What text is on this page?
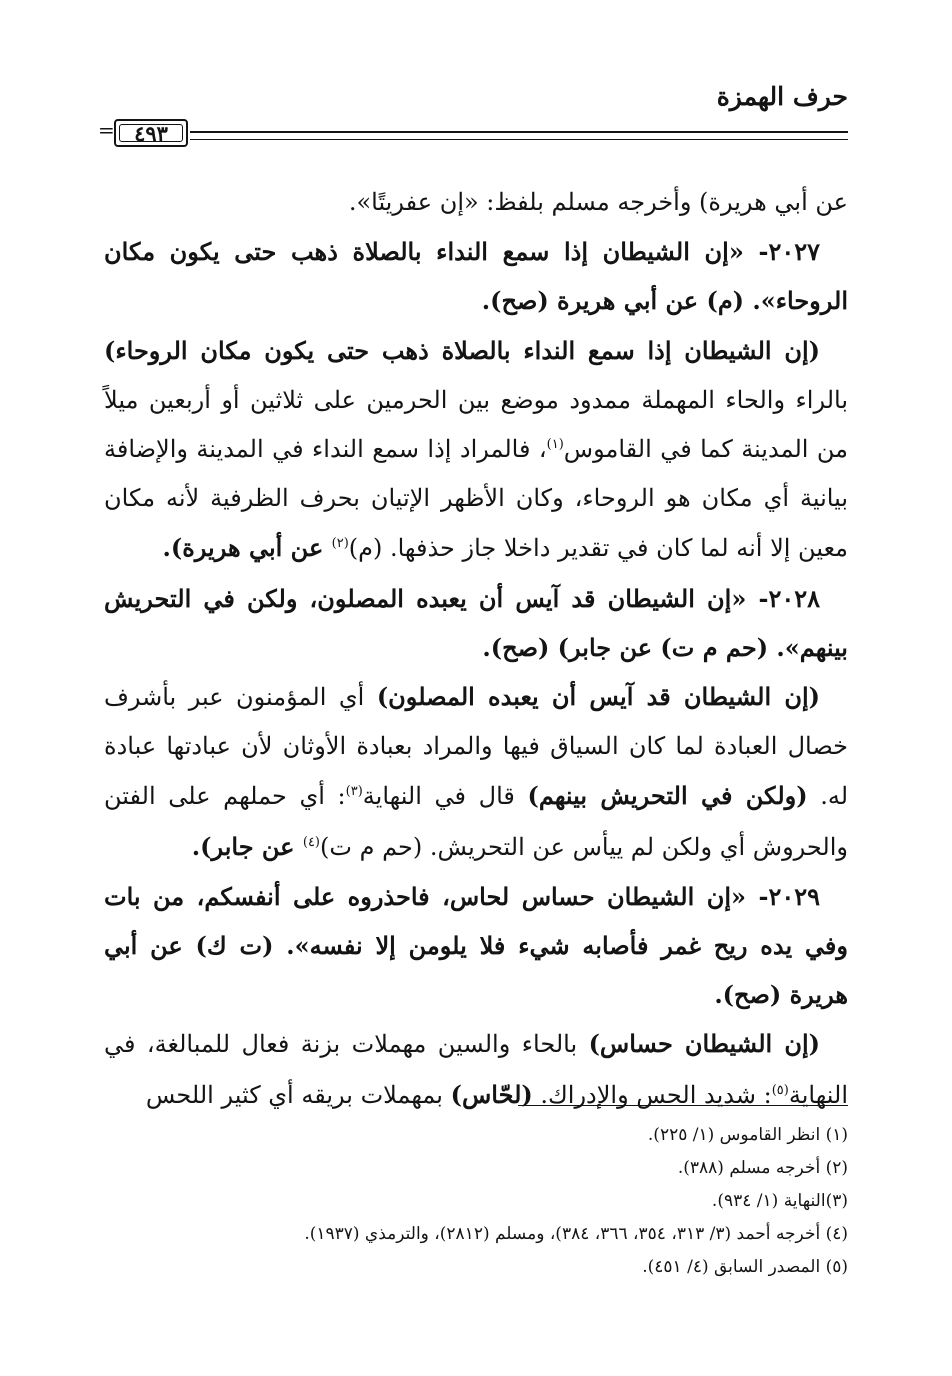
حرف الهمزة
٤٩٣
=

عن أبي هريرة) وأخرجه مسلم بلفظ: «إن عفريتًا».

٢٠٢٧- «إن الشيطان إذا سمع النداء بالصلاة ذهب حتى يكون مكان الروحاء». (م) عن أبي هريرة (صح).

(إن الشيطان إذا سمع النداء بالصلاة ذهب حتى يكون مكان الروحاء) بالراء والحاء المهملة ممدود موضع بين الحرمين على ثلاثين أو أربعين ميلاً من المدينة كما في القاموس$^{(١)}$، فالمراد إذا سمع النداء في المدينة والإضافة بيانية أي مكان هو الروحاء، وكان الأظهر الإتيان بحرف الظرفية لأنه مكان معين إلا أنه لما كان في تقدير داخلا جاز حذفها. (م)$^{(٢)}$ عن أبي هريرة).

٢٠٢٨- «إن الشيطان قد آيس أن يعبده المصلون، ولكن في التحريش بينهم». (حم م ت) عن جابر) (صح).

(إن الشيطان قد آيس أن يعبده المصلون) أي المؤمنون عبر بأشرف خصال العبادة لما كان السياق فيها والمراد بعبادة الأوثان لأن عبادتها عبادة له. (ولكن في التحريش بينهم) قال في النهاية$^{(٣)}$: أي حملهم على الفتن والحروش أي ولكن لم ييأس عن التحريش. (حم م ت)$^{(٤)}$ عن جابر).

٢٠٢٩- «إن الشيطان حساس لحاس، فاحذروه على أنفسكم، من بات وفي يده ريح غمر فأصابه شيء فلا يلومن إلا نفسه». (ت ك) عن أبي هريرة (صح).

(إن الشيطان حساس) بالحاء والسين مهملات بزنة فعال للمبالغة، في النهاية$^{(٥)}$: شديد الحس والإدراك. (لحّاس) بمهملات بريقه أي كثير اللحس

(١) انظر القاموس (١/ ٢٢٥).

(٢) أخرجه مسلم (٣٨٨).

(٣)النهاية (١/ ٩٣٤).

(٤) أخرجه أحمد (٣/ ٣١٣، ٣٥٤، ٣٦٦، ٣٨٤)، ومسلم (٢٨١٢)، والترمذي (١٩٣٧).

(٥) المصدر السابق (٤/ ٤٥١).
